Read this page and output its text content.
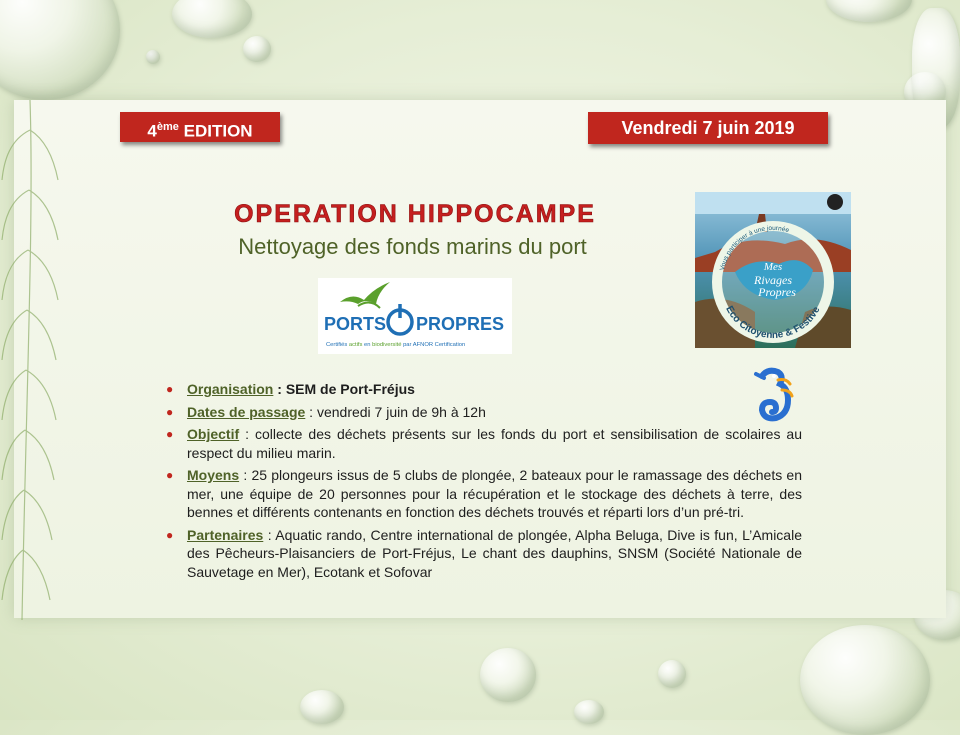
4ème EDITION	Vendredi 7 juin 2019
OPERATION HIPPOCAMPE
Nettoyage des fonds marins du port
PORTS PROPRES
Certifiés actifs en biodiversité par AFNOR Certification
Vous participer à une journée
Mes
Rivages
Propres
Eco Citoyenne & Festive
● Organisation : SEM de Port-Fréjus
● Dates de passage : vendredi 7 juin de 9h à 12h
● Objectif : collecte des déchets présents sur les fonds du port et sensibilisation de scolaires au respect du milieu marin.
● Moyens : 25 plongeurs issus de 5 clubs de plongée, 2 bateaux pour le ramassage des déchets en mer, une équipe de 20 personnes pour la récupération et le stockage des déchets à terre, des bennes et différents contenants en fonction des déchets trouvés et réparti lors d’un pré-tri.
● Partenaires : Aquatic rando, Centre international de plongée, Alpha Beluga, Dive is fun, L’Amicale des Pêcheurs-Plaisanciers de Port-Fréjus, Le chant des dauphins, SNSM (Société Nationale de Sauvetage en Mer), Ecotank et Sofovar
